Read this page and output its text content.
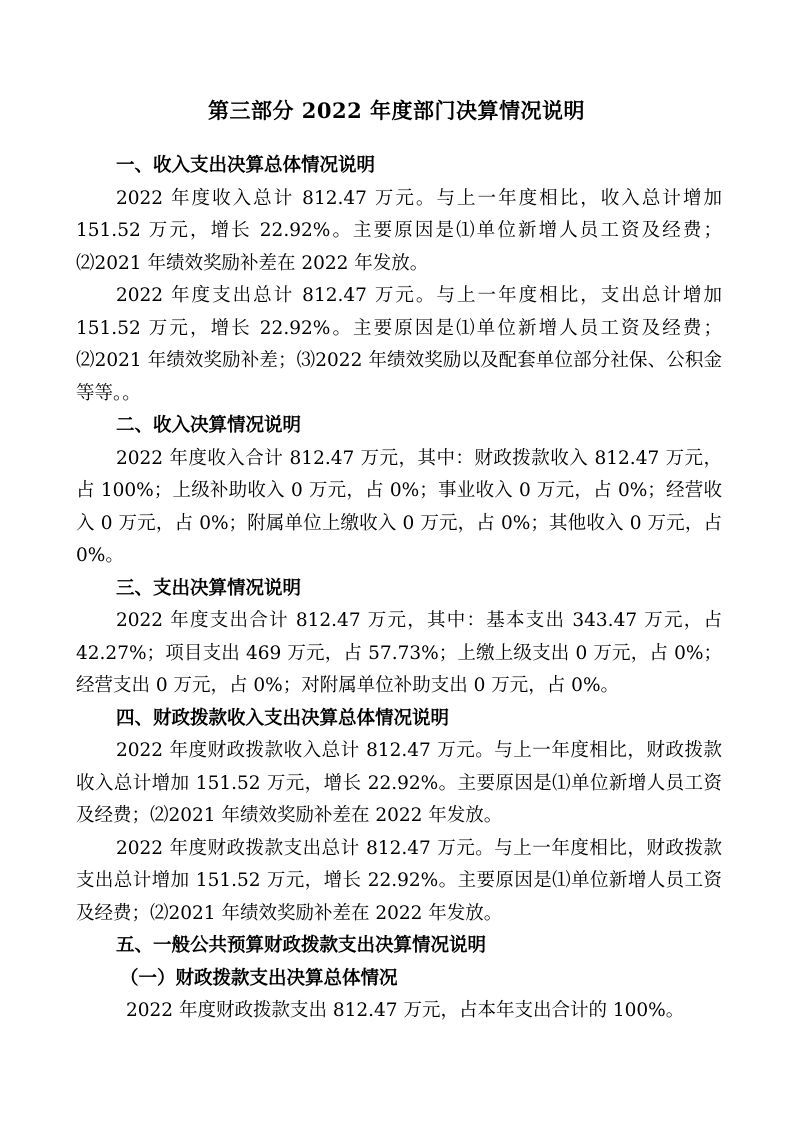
第三部分 2022 年度部门决算情况说明

一、收入支出决算总体情况说明

2022 年度收入总计 812.47 万元。与上一年度相比，收入总计增加 151.52 万元，增长 22.92%。主要原因是⑴单位新增人员工资及经费；⑵2021 年绩效奖励补差在 2022 年发放。

2022 年度支出总计 812.47 万元。与上一年度相比，支出总计增加 151.52 万元，增长 22.92%。主要原因是⑴单位新增人员工资及经费；⑵2021 年绩效奖励补差；⑶2022 年绩效奖励以及配套单位部分社保、公积金等等。。

二、收入决算情况说明

2022 年度收入合计 812.47 万元，其中：财政拨款收入 812.47 万元，占 100%；上级补助收入 0 万元，占 0%；事业收入 0 万元，占 0%；经营收入 0 万元，占 0%；附属单位上缴收入 0 万元，占 0%；其他收入 0 万元，占 0%。

三、支出决算情况说明

2022 年度支出合计 812.47 万元，其中：基本支出 343.47 万元，占 42.27%；项目支出 469 万元，占 57.73%；上缴上级支出 0 万元，占 0%；经营支出 0 万元，占 0%；对附属单位补助支出 0 万元，占 0%。

四、财政拨款收入支出决算总体情况说明

2022 年度财政拨款收入总计 812.47 万元。与上一年度相比，财政拨款收入总计增加 151.52 万元，增长 22.92%。主要原因是⑴单位新增人员工资及经费；⑵2021 年绩效奖励补差在 2022 年发放。

2022 年度财政拨款支出总计 812.47 万元。与上一年度相比，财政拨款支出总计增加 151.52 万元，增长 22.92%。主要原因是⑴单位新增人员工资及经费；⑵2021 年绩效奖励补差在 2022 年发放。

五、一般公共预算财政拨款支出决算情况说明

（一）财政拨款支出决算总体情况

2022 年度财政拨款支出 812.47 万元，占本年支出合计的 100%。
